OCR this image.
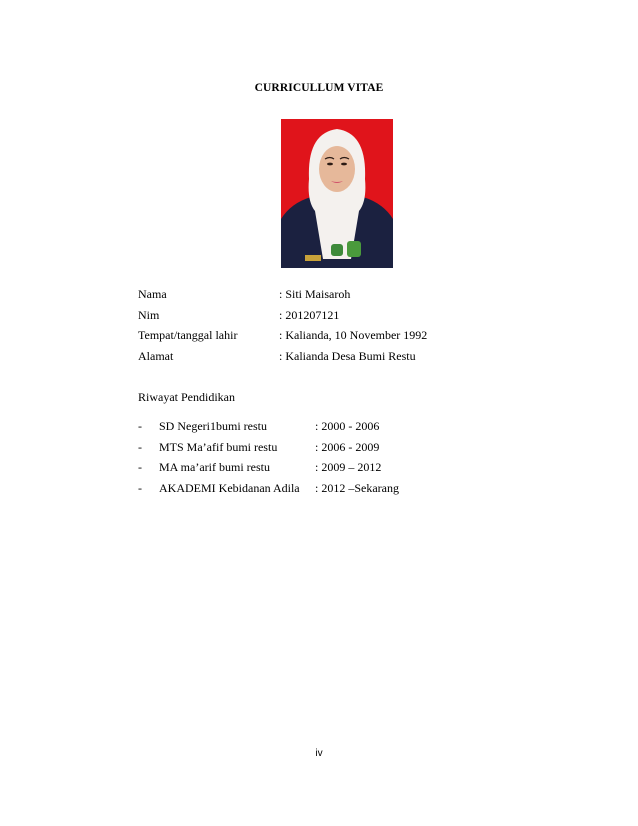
CURRICULLUM VITAE
Nama	: Siti Maisaroh
Nim	: 201207121
Tempat/tanggal lahir	: Kalianda, 10 November 1992
Alamat	: Kalianda Desa Bumi Restu
Riwayat Pendidikan
-	SD Negeri1bumi restu	: 2000 - 2006
-	MTS Ma’afif bumi restu	: 2006 - 2009
-	MA ma’arif bumi restu	: 2009 – 2012
-	AKADEMI Kebidanan Adila	: 2012 –Sekarang
iv
